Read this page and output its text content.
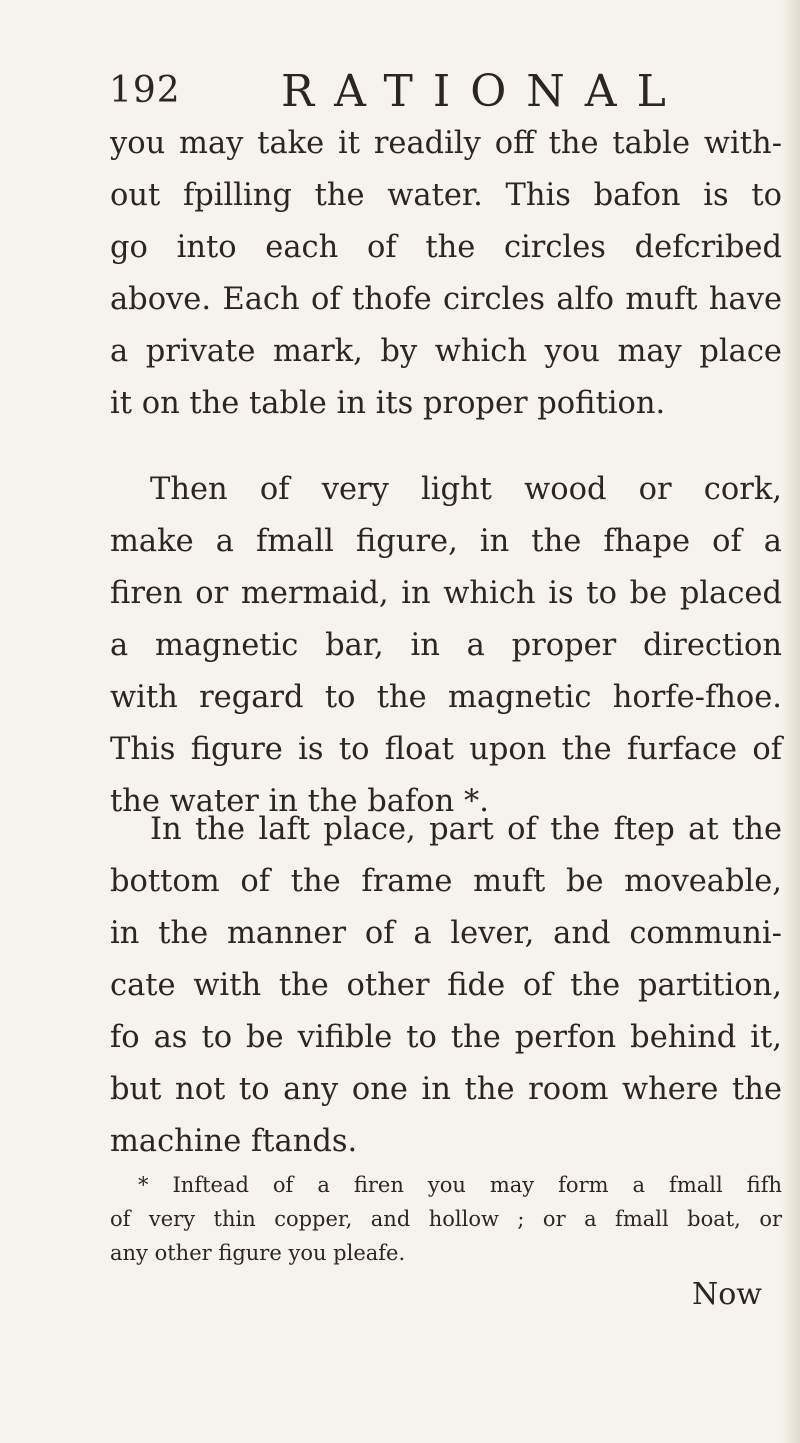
192 RATIONAL

you may take it readily off the table with-
out fpilling the water. This bafon is to
go into each of the circles defcribed
above. Each of thofe circles alfo muft have
a private mark, by which you may place
it on the table in its proper pofition.

Then of very light wood or cork,
make a fmall figure, in the fhape of a
firen or mermaid, in which is to be placed
a magnetic bar, in a proper direction
with regard to the magnetic horfe-fhoe.
This figure is to float upon the furface of
the water in the bafon *.

In the laft place, part of the ftep at the
bottom of the frame muft be moveable,
in the manner of a lever, and communi-
cate with the other fide of the partition,
fo as to be vifible to the perfon behind it,
but not to any one in the room where the
machine ftands.

* Inftead of a firen you may form a fmall fifh
of very thin copper, and hollow ; or a fmall boat, or
any other figure you pleafe.

Now
